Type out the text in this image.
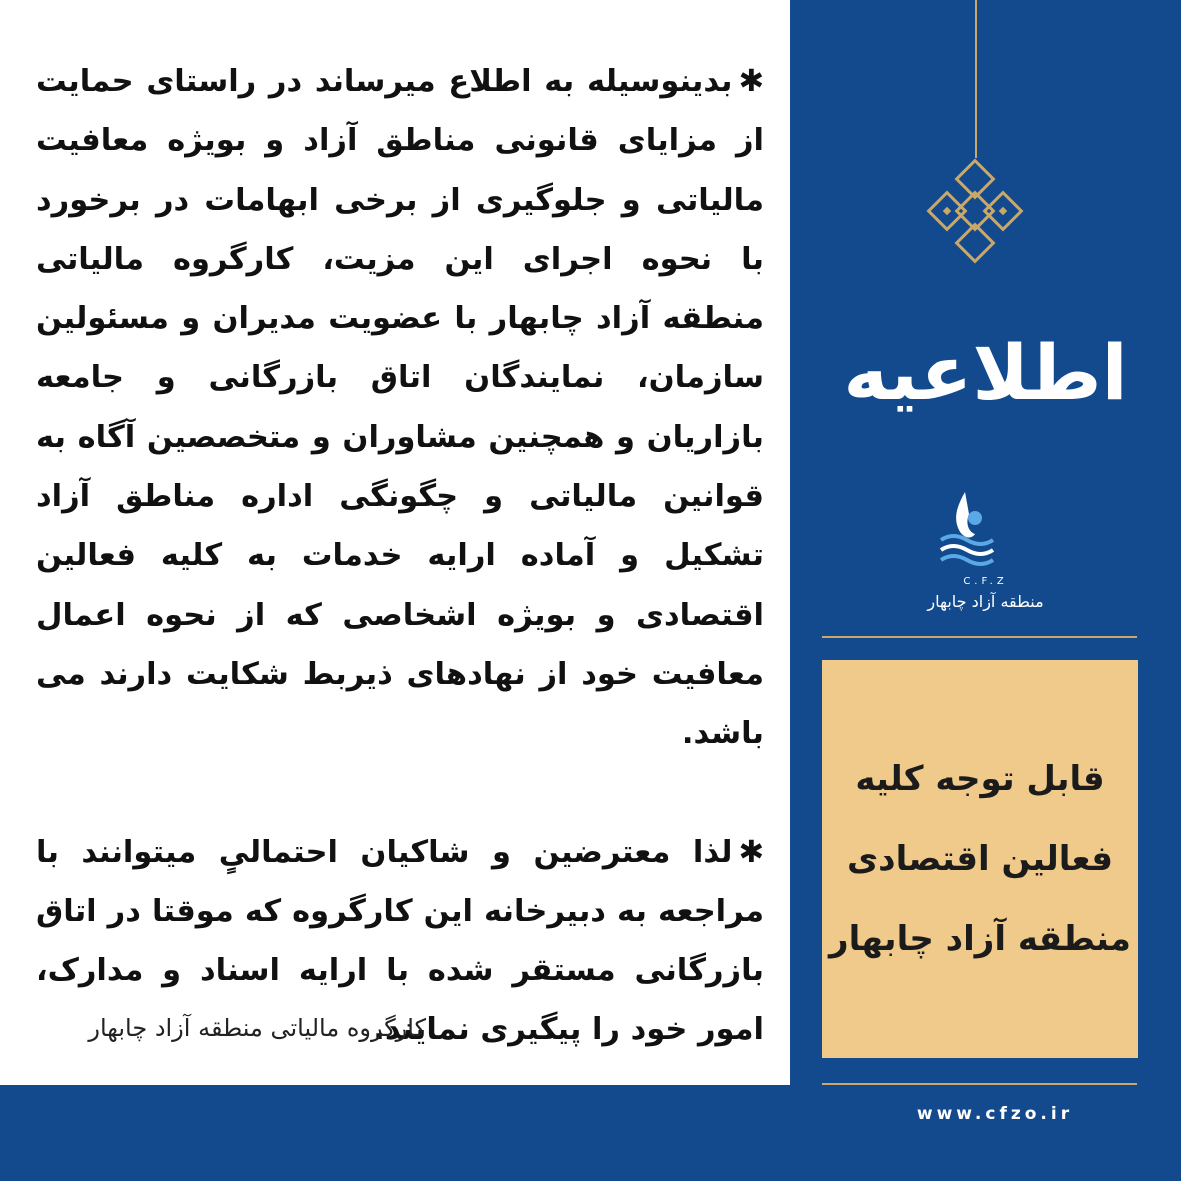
✱بدینوسیله به اطلاع میرساند در راستای حمایت از مزایای قانونی مناطق آزاد و بویژه معافیت مالیاتی و جلوگیری از برخی ابهامات در برخورد با نحوه اجرای این مزیت، کارگروه مالیاتی منطقه آزاد چابهار با عضویت مدیران و مسئولین سازمان، نمایندگان اتاق بازرگانی و جامعه بازاریان و همچنین مشاوران و متخصصین آگاه به قوانین مالیاتی و چگونگی اداره مناطق آزاد تشکیل و آماده ارایه خدمات به کلیه فعالین اقتصادی و بویژه اشخاصی که از نحوه اعمال معافیت خود از نهادهای ذیربط شکایت دارند می باشد.

✱لذا معترضین و شاکیان احتمالیٍ میتوانند با مراجعه به دبیرخانه این کارگروه که موقتا در اتاق بازرگانی مستقر شده با ارایه اسناد و مدارک، امور خود را پیگیری نمایند.

کارگروه مالیاتی منطقه آزاد چابهار
اطلاعیه
C.F.Z
منطقه آزاد چابهار
قابل توجه کلیه
فعالین اقتصادی
منطقه آزاد چابهار
www.cfzo.ir
